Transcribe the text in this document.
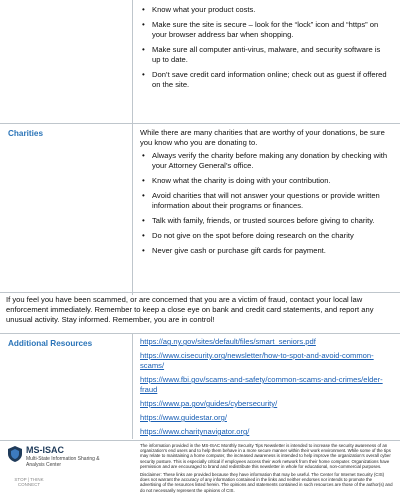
• Know what your product costs.
• Make sure the site is secure – look for the “lock” icon and “https” on your browser address bar when shopping.
• Make sure all computer anti-virus, malware, and security software is up to date.
• Don’t save credit card information online; check out as guest if offered on the site.
Charities	While there are many charities that are worthy of your donations, be sure you know who you are donating to.

• Always verify the charity before making any donation by checking with your Attorney General’s office.
• Know what the charity is doing with your contribution.
• Avoid charities that will not answer your questions or provide written information about their programs or finances.
• Talk with family, friends, or trusted sources before giving to charity.
• Do not give on the spot before doing research on the charity
• Never give cash or purchase gift cards for payment.

If you feel you have been scammed, or are concerned that you are a victim of fraud, contact your local law enforcement immediately. Remember to keep a close eye on bank and credit card statements, and report any unusual activity. Stay informed. Remember, you are in control!

Additional Resources	https://ag.ny.gov/sites/default/files/smart_seniors.pdf
https://www.cisecurity.org/newsletter/how-to-spot-and-avoid-common-scams/
https://www.fbi.gov/scams-and-safety/common-scams-and-crimes/elder-fraud
https://www.pa.gov/guides/cybersecurity/
https://www.guidestar.org/
https://www.charitynavigator.org/
MS-ISAC
Multi-State Information Sharing & Analysis Center
STOP | THINK CONNECT

The information provided in the MS-ISAC Monthly Security Tips Newsletter is intended to increase the security awareness of an organization’s end users and to help them behave in a more secure manner within their work environment. While some of the tips may relate to maintaining a home computer, the increased awareness is intended to help improve the organization’s overall cyber security posture. This is especially critical if employees access their work network from their home computer. Organizations have permission and are encouraged to brand and redistribute this newsletter in whole for educational, non-commercial purposes.

Disclaimer: These links are provided because they have information that may be useful. The Center for Internet Security (CIS) does not warrant the accuracy of any information contained in the links and neither endorses nor intends to promote the advertising of the resources listed herein. The opinions and statements contained in such resources are those of the author(s) and do not necessarily represent the opinions of CIS.
